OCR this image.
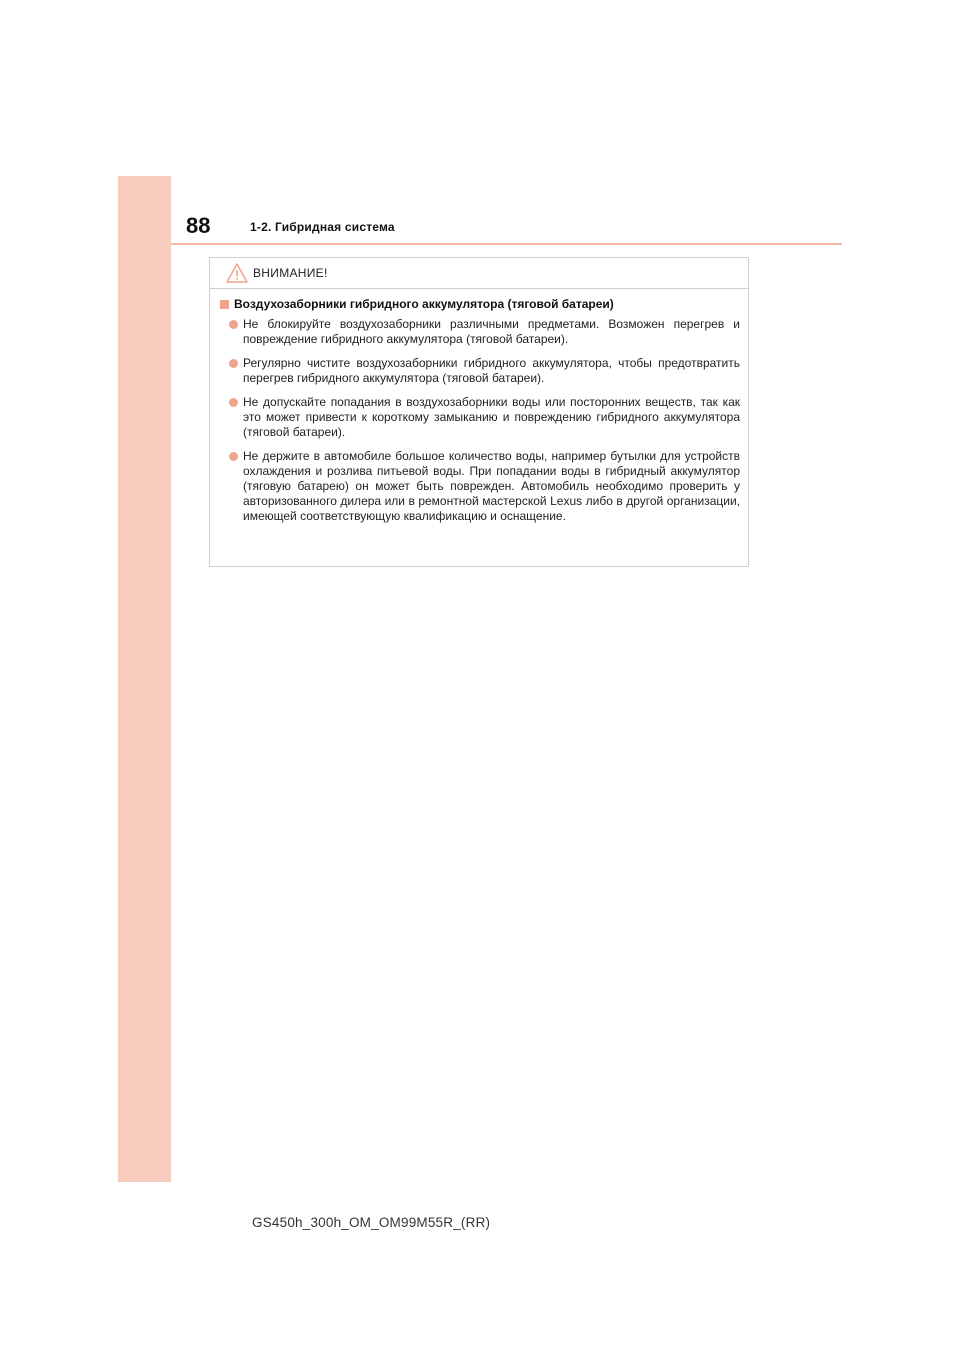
88	1-2. Гибридная система
ВНИМАНИЕ!
Воздухозаборники гибридного аккумулятора (тяговой батареи)
Не блокируйте воздухозаборники различными предметами. Возможен перегрев и повреждение гибридного аккумулятора (тяговой батареи).
Регулярно чистите воздухозаборники гибридного аккумулятора, чтобы предотвратить перегрев гибридного аккумулятора (тяговой батареи).
Не допускайте попадания в воздухозаборники воды или посторонних веществ, так как это может привести к короткому замыканию и повреждению гибридного аккумулятора (тяговой батареи).
Не держите в автомобиле большое количество воды, например бутылки для устройств охлаждения и розлива питьевой воды. При попадании воды в гибридный аккумулятор (тяговую батарею) он может быть поврежден. Автомобиль необходимо проверить у авторизованного дилера или в ремонтной мастерской Lexus либо в другой организации, имеющей соответствующую квалификацию и оснащение.
GS450h_300h_OM_OM99M55R_(RR)
